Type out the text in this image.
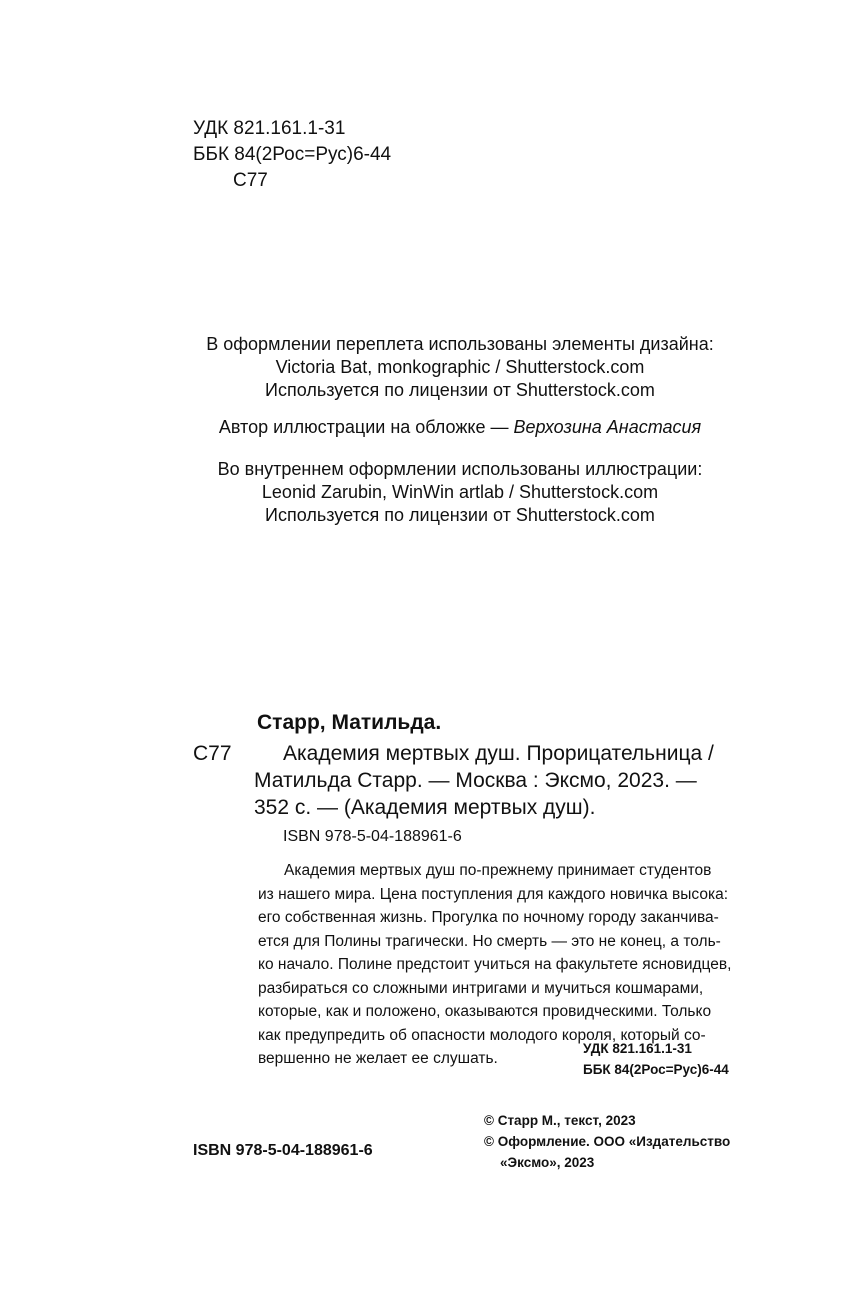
УДК 821.161.1-31
ББК 84(2Рос=Рус)6-44
С77
В оформлении переплета использованы элементы дизайна:
Victoria Bat, monkographic / Shutterstock.com
Используется по лицензии от Shutterstock.com
Автор иллюстрации на обложке — Верхозина Анастасия
Во внутреннем оформлении использованы иллюстрации:
Leonid Zarubin, WinWin artlab / Shutterstock.com
Используется по лицензии от Shutterstock.com
Старр, Матильда.
С77 Академия мертвых душ. Прорицательница /
Матильда Старр. — Москва : Эксмо, 2023. —
352 с. — (Академия мертвых душ).
ISBN 978-5-04-188961-6
Академия мертвых душ по-прежнему принимает студентов
из нашего мира. Цена поступления для каждого новичка высока:
его собственная жизнь. Прогулка по ночному городу заканчива-
ется для Полины трагически. Но смерть — это не конец, а толь-
ко начало. Полине предстоит учиться на факультете ясновидцев,
разбираться со сложными интригами и мучиться кошмарами,
которые, как и положено, оказываются провидческими. Только
как предупредить об опасности молодого короля, который со-
вершенно не желает ее слушать.
УДК 821.161.1-31
ББК 84(2Рос=Рус)6-44
ISBN 978-5-04-188961-6
© Старр М., текст, 2023
© Оформление. ООО «Издательство
«Эксмо», 2023
